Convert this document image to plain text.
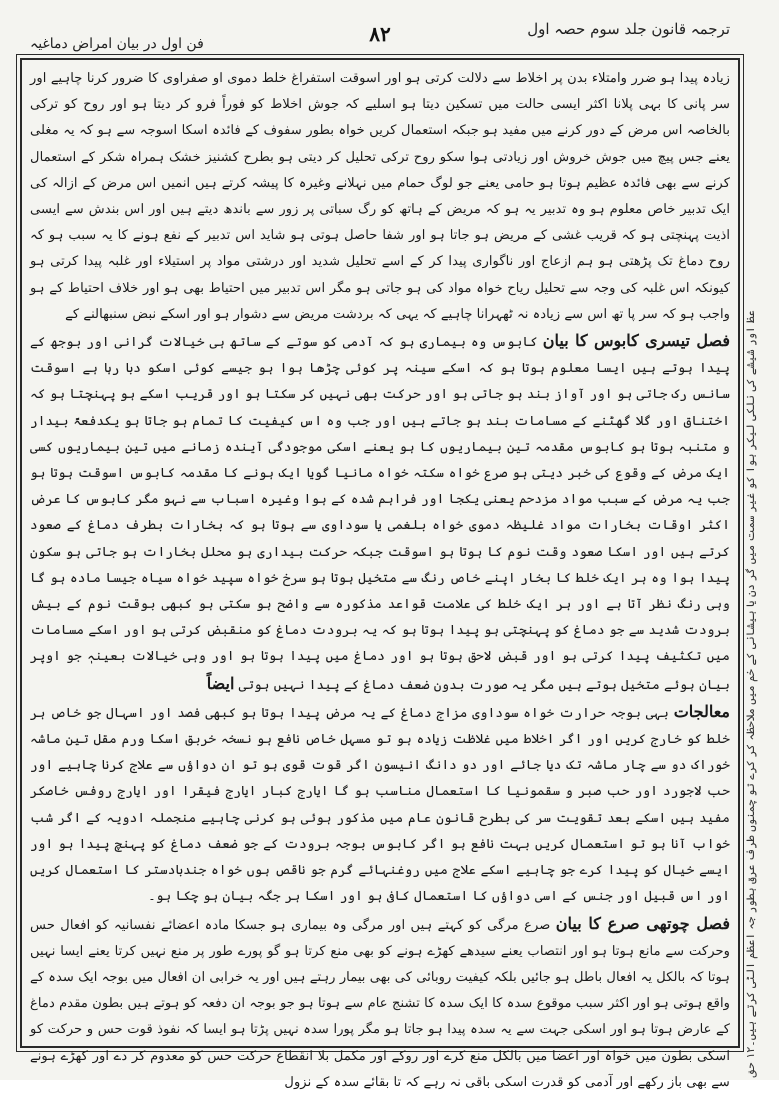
ترجمہ قانون جلد سوم حصہ اول
۸۲
فن اول در بیان امراض دماغیہ

زیادہ پیدا ہو ضرر وامتلاء بدن پر اخلاط سے دلالت کرتی ہو اور اسوقت استفراغ خلط دموی او صفراوی کا ضرور کرنا چاہیے اور سر پانی کا بہی پلانا اکثر ایسی حالت میں تسکین دیتا ہو اسلیے کہ جوش اخلاط کو فوراً فرو کر دیتا ہو اور روح کو ترکی بالخاصہ اس مرض کے دور کرنے میں مفید ہو جبکہ استعمال کریں خواہ بطور سفوف کے فائدہ اسکا اسوجہ سے ہو کہ یہ مغلی یعنے جس پیچ میں جوش خروش اور زیادتی ہوا سکو روح ترکی تحلیل کر دیتی ہو بطرح کشنیز خشک ہمراہ شکر کے استعمال کرنے سے بھی فائدہ عظیم ہوتا ہو حامی یعنے جو لوگ حمام میں نہلانے وغیرہ کا پیشہ کرتے ہیں انمیں اس مرض کے ازالہ کی ایک تدبیر خاص معلوم ہو وہ تدبیر یہ ہو کہ مریض کے ہاتھ کو رگ سباتی پر زور سے باندھ دیتے ہیں اور اس بندش سے ایسی اذیت پہنچتی ہو کہ قریب غشی کے مریض ہو جاتا ہو اور شفا حاصل ہوتی ہو شاید اس تدبیر کے نفع ہونے کا یہ سبب ہو کہ روح دماغ تک پڑھتی ہو ہم ازعاج اور ناگواری پیدا کر کے اسے تحلیل شدید اور درشتی مواد پر استیلاء اور غلبہ پیدا کرتی ہو کیونکہ اس غلبہ کی وجہ سے تحلیل ریاح خواہ مواد کی ہو جاتی ہو مگر اس تدبیر میں احتیاط بھی ہو اور خلاف احتیاط کے ہو واجب ہو کہ سر پا تھ اس سے زیادہ نہ ٹھہرانا چاہیے کہ یہی کہ بردشت مریض سے دشوار ہو اور اسکے نبض سنبھالنے کے

فصل تیسری کابوس کا بیان کابوس وہ بیماری ہو کہ آدمی کو سوتے کے ساتھ ہی خیالات گرانی اور بوجھ کے پیدا ہوتے ہیں ایسا معلوم ہوتا ہو کہ اسکے سینہ پر کوئی چڑھا ہوا ہو جیسے کوئی اسکو دبا رہا ہے اسوقت سانس رک جاتی ہو اور آواز بند ہو جاتی ہو اور حرکت بھی نہیں کر سکتا ہو اور قریب اسکے ہو پہنچتا ہو کہ اختناق اور گلا گھٹنے کے مسامات بند ہو جاتے ہیں اور جب وہ اس کیفیت کا تمام ہو جاتا ہو یکدفعۃً بیدار و متنبہ ہوتا ہو کابوس مقدمہ تین بیماریوں کا ہو یعنے اسکی موجودگی آیندہ زمانے میں تین بیماریوں کسی ایک مرض کے وقوع کی خبر دیتی ہو صرع خواہ سکتہ خواہ مانیا گویا ایک ہونے کا مقدمہ کابوس اسوقت ہوتا ہو جب یہ مرض کے سبب مواد مزدحم یعنی یکجا اور فراہم شدہ کے ہوا وغیرہ اسباب سے نہو مگر کابوس کا عرض اکثر اوقات بخارات مواد غلیظہ دموی خواہ بلغمی یا سوداوی سے ہوتا ہو کہ بخارات بطرف دماغ کے صعود کرتے ہیں اور اسکا صعود وقت نوم کا ہوتا ہو اسوقت جبکہ حرکت بیداری ہو محلل بخارات ہو جاتی ہو سکون پیدا ہوا وہ ہر ایک خلط کا بخار اپنے خاص رنگ سے متخیل ہوتا ہو سرخ خواہ سپید خواہ سیاہ جیسا مادہ ہو گا وہی رنگ نظر آتا ہے اور ہر ایک خلط کی علامت قواعد مذکورہ سے واضح ہو سکتی ہو کبھی بوقت نوم کے بیش برودت شدید سے جو دماغ کو پہنچتی ہو پیدا ہوتا ہو کہ یہ برودت دماغ کو منقبض کرتی ہو اور اسکے مسامات میں تکثیف پیدا کرتی ہو اور قبض لاحق ہوتا ہو اور دماغ میں پیدا ہوتا ہو اور وہی خیالات بعینہٖ جو اوپر بیان ہوئے متخیل ہوتے ہیں مگر یہ صورت بدون ضعف دماغ کے پیدا نہیں ہوتی ایضاً

معالجات بہی بوجہ حرارت خواہ سوداوی مزاج دماغ کے یہ مرض پیدا ہوتا ہو کبھی فصد اور اسہال جو خاص ہر خلط کو خارج کریں اور اگر اخلاط میں غلاظت زیادہ ہو تو مسہل خاص نافع ہو نسخہ خربق اسکا ورم مقل تین ماشہ خوراک دو سے چار ماشہ تک دیا جائے اور دو دانگ انیسون اگر قوت قوی ہو تو ان دواؤں سے علاج کرنا چاہیے اور حب لاجورد اور حب صبر و سقمونیا کا استعمال مناسب ہو گا ایارج کبار ایارج فیقرا اور ایارج روفس خاصکر مفید ہیں اسکے بعد تقویت سر کی بطرح قانون عام میں مذکور ہوئی ہو کرنی چاہیے منجملہ ادویہ کے اگر شب خواب آنا ہو تو استعمال کریں بہت نافع ہو اگر کابوس بوجہ برودت کے جو ضعف دماغ کو پہنچ پیدا ہو اور ایسے خیال کو پیدا کرے جو چاہیے اسکے علاج میں روغنہائے گرم جو ناقص ہوں خواہ جندبادستر کا استعمال کریں اور اس قبیل اور جنس کے اسی دواؤں کا استعمال کافی ہو اور اسکا ہر جگہ بیان ہو چکا ہو۔

فصل چوتھی صرع کا بیان صرع مرگی کو کہتے ہیں اور مرگی وہ بیماری ہو جسکا مادہ اعضائے نفسانیہ کو افعال حس وحرکت سے مانع ہوتا ہو اور انتصاب یعنے سیدھے کھڑے ہونے کو بھی منع کرتا ہو گو پورے طور پر منع نہیں کرتا یعنے ایسا نہیں ہوتا کہ بالکل یہ افعال باطل ہو جائیں بلکہ کیفیت روبائی کی بھی بیمار رہتے ہیں اور یہ خرابی ان افعال میں بوجہ ایک سدہ کے واقع ہوتی ہو اور اکثر سبب موقوع سدہ کا ایک سدہ کا تشنج عام سے ہوتا ہو جو بوجہ ان دفعہ کو ہوتے ہیں بطون مقدم دماغ کے عارض ہوتا ہو اور اسکی جہت سے یہ سدہ پیدا ہو جاتا ہو مگر پورا سدہ نہیں پڑتا ہو ایسا کہ نفوذ قوت حس و حرکت کو اسکی بطون میں خواہ اور اعضا میں بالکل منع کرے اور روکے اور مکمل بلا انقطاع حرکت حس کو معدوم کر دے اور کھڑے ہونے سے بھی باز رکھے اور آدمی کو قدرت اسکی باقی نہ رہے کہ تا بقائے سدہ کے نزول

عظ اور شیشے کی نلکی لیکر ہوا کو غیر سمت میں گر دن یا بیشانی کے خم میں ملاحظہ کر کرے تو چمنوں طرف عرق بطور جہ اعظم الٹی کرتے ہیں۔۱۲ حق
